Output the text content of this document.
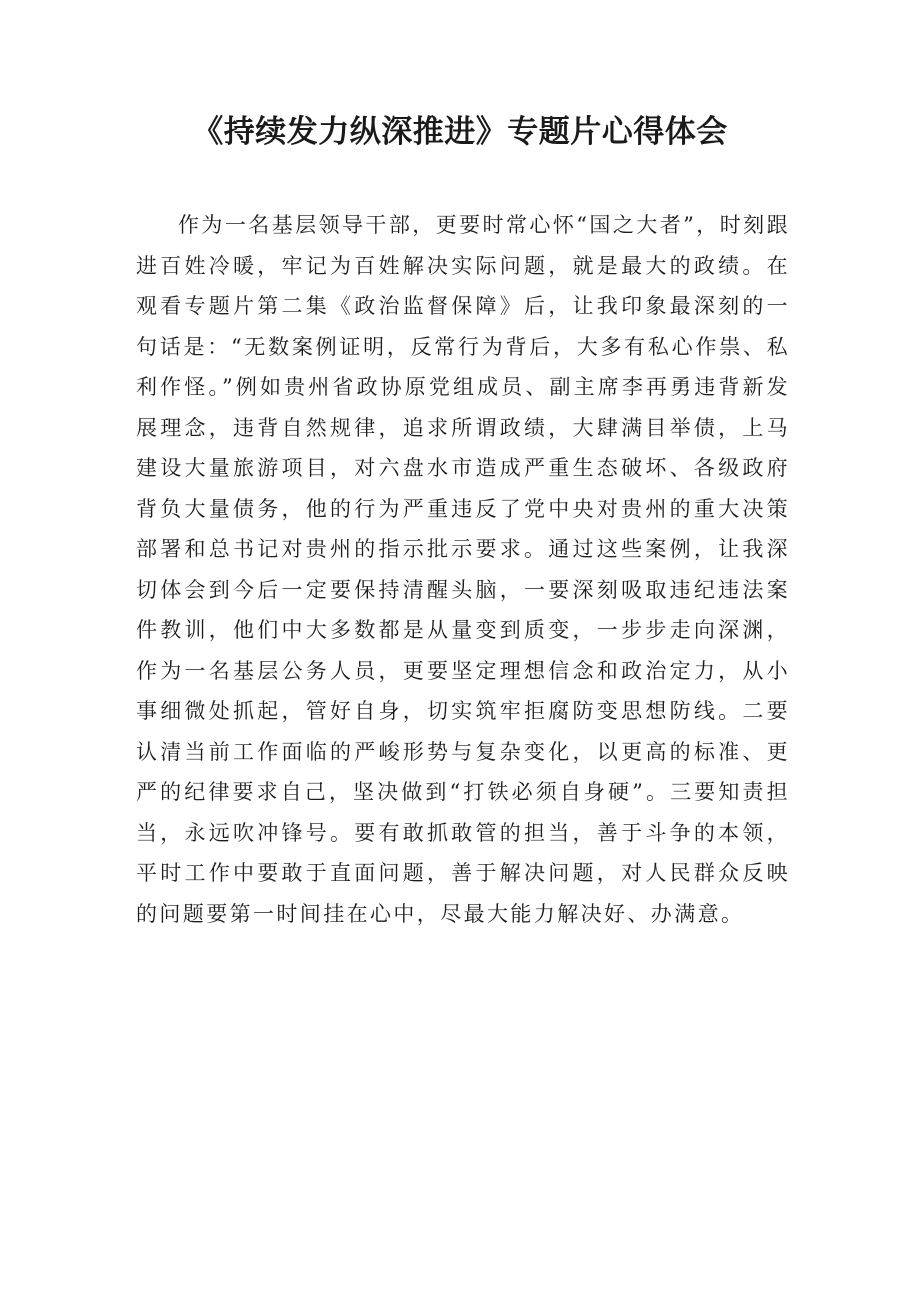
《持续发力纵深推进》专题片心得体会

作为一名基层领导干部，更要时常心怀“国之大者”，时刻跟进百姓冷暖，牢记为百姓解决实际问题，就是最大的政绩。在观看专题片第二集《政治监督保障》后，让我印象最深刻的一句话是：“无数案例证明，反常行为背后，大多有私心作祟、私利作怪。”例如贵州省政协原党组成员、副主席李再勇违背新发展理念，违背自然规律，追求所谓政绩，大肆满目举债，上马建设大量旅游项目，对六盘水市造成严重生态破坏、各级政府背负大量债务，他的行为严重违反了党中央对贵州的重大决策部署和总书记对贵州的指示批示要求。通过这些案例，让我深切体会到今后一定要保持清醒头脑，一要深刻吸取违纪违法案件教训，他们中大多数都是从量变到质变，一步步走向深渊，作为一名基层公务人员，更要坚定理想信念和政治定力，从小事细微处抓起，管好自身，切实筑牢拒腐防变思想防线。二要认清当前工作面临的严峻形势与复杂变化，以更高的标准、更严的纪律要求自己，坚决做到“打铁必须自身硬”。三要知责担当，永远吹冲锋号。要有敢抓敢管的担当，善于斗争的本领，平时工作中要敢于直面问题，善于解决问题，对人民群众反映的问题要第一时间挂在心中，尽最大能力解决好、办满意。
